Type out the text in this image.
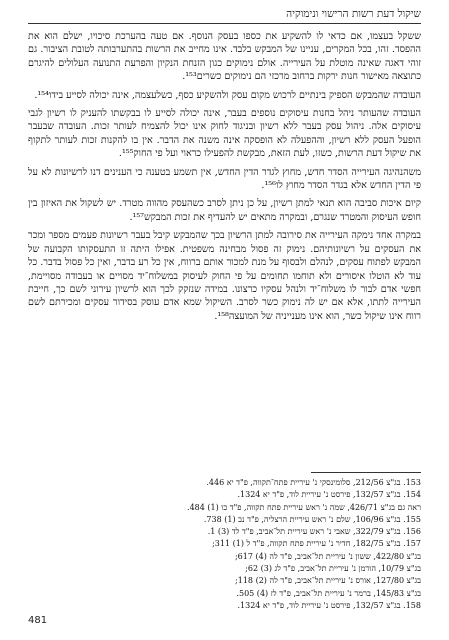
שיקול דעת רשות הרישוי ונימוקיה

ששקל בעצמו, אם כדאי לו להשקיע את כספו בעסק הנוסף. אם טעה בהערכת סיכויו, ישלם הוא את ההפסד. זהו, בכל המקרים, עניינו של המבקש בלבד. אינו מחייב את הרשות בהתערבותה לטובת הציבור. גם זוהי דאגה שאינה מוטלת על העירייה. אולם נימוקים כגון הזנחת הנקיון והפרעת התנועה העלולים להיגרם כתוצאה מאישור חנות ירקות ברחוב מרכזי הם נימוקים כשרים¹⁵³.

העובדה שהמבקש הספיק בינתיים לרכוש מקום עסק ולהשקיע כסף, כשלעצמה, אינה יכולה לסייע בידו¹⁵⁴.

העובדה שהעותר ניהל בחנות עיסוקים נוספים בעבר, אינה יכולה לסייע לו בבקשתו להעניק לו רשיון לגבי עיסוקים אלה. ניהול עסק בעבר ללא רשיון ובניגוד לחוק אינו יכול להצמיח לעותר זכות. העובדה שבעבר הופעל העסק ללא רשיון, וההפעלה לא הופסקה אינה משנה את הדבר. אין בו להקנות זכות לעותר לתקוף את שיקול דעת הרשות, כשזו, לעת הזאת, מבקשת להפעילו כראוי ועל פי החוק¹⁵⁵.

משהנהיגה העירייה הסדר חדש, מחוץ לגדר הדין החדש, אין תשמע בטענה כי הענינים דנו לרשיונות לא על פי הדין החדש אלא בגדר הסדר מחוץ לו¹⁵⁶.

קיום איכות סביבה הוא תנאי למתן רשיון, על כן ניתן לסרב כשהעסק מהווה מטרד. יש לשקול את האיזון בין חופש העיסוק והמטרד שנגרם, ובמקרה מתאים יש להעדיף את זכות המבקש¹⁵⁷.

במקרה אחד נימקה העירייה את סירובה למתן הרשיון בכך שהמבקש קיבל בעבר רשיונות פעמים מספר ומכר את העסקים על רשיונותיהם. נימוק זה פסול מבחינה משפטית. אפילו היתה זו התעסקותו הקבועה של המבקש לפתוח עסקים, לנהלם ולבסוף על מנת למכור אותם ברווח, אין כל רע בדבר, ואין כל פסול בדבר. כל עוד לא הוטלו איסורים ולא תוחמו תחומים על פי החוק לעיסוק במשלוח־יד מסויים או בעבודה מסויימת, חפשי אדם לבור לו משלוח־יד ולנהל עסקיו כרצונו. במידה שנזקק לכך הוא לרשיון עירוני לשם כך, חייבת העירייה לתתו, אלא אם יש לה נימוק כשר לסרב. השיקול שמא אדם עוסק בסידור עסקים ומכירתם לשם רווח אינו שיקול כשר, הוא אינו מענייניה של המועצה¹⁵⁸.

153. בג"צ 212/56, סלומינסקי נ' עיריית פתח־תקווה, פ"ד יא 446.

154. בג"צ 132/57, פירסט נ' עיריית לוד, פ"ד יא 1324.

ראה גם בג"צ 426/71, שמה נ' ראש עיריית פתח תקווה, פ"ד כו (1) 484.

155. בג"צ 106/96, שלם נ' ראש עיריית הרצליה, פ"ד נב (1) 738.

156. בג"צ 322/79, שאבי נ' ראש עיריית תל־אביב, פ"ד לד (3) 1.

157. בג"צ 182/75, חדיר נ' עיריית פתח תקווה, פ"ד ל (1) 311;

בג"צ 422/80, ששון נ' עיריית תל־אביב, פ"ד לה (4) 617;

בג"צ 10/79, הורמן נ' עיריית תל־אביב, פ"ד לג (3) 62;

בג"צ 127/80, אורס נ' עיריית תל־אביב, פ"ד לה (2) 118;

בג"צ 145/83, ברמר נ' עיריית תל־אביב, פ"ד לז (4) 505.

158. בג"צ 132/57, פירסט נ' עיריית לוד, פ"ד יא 1324.

481
